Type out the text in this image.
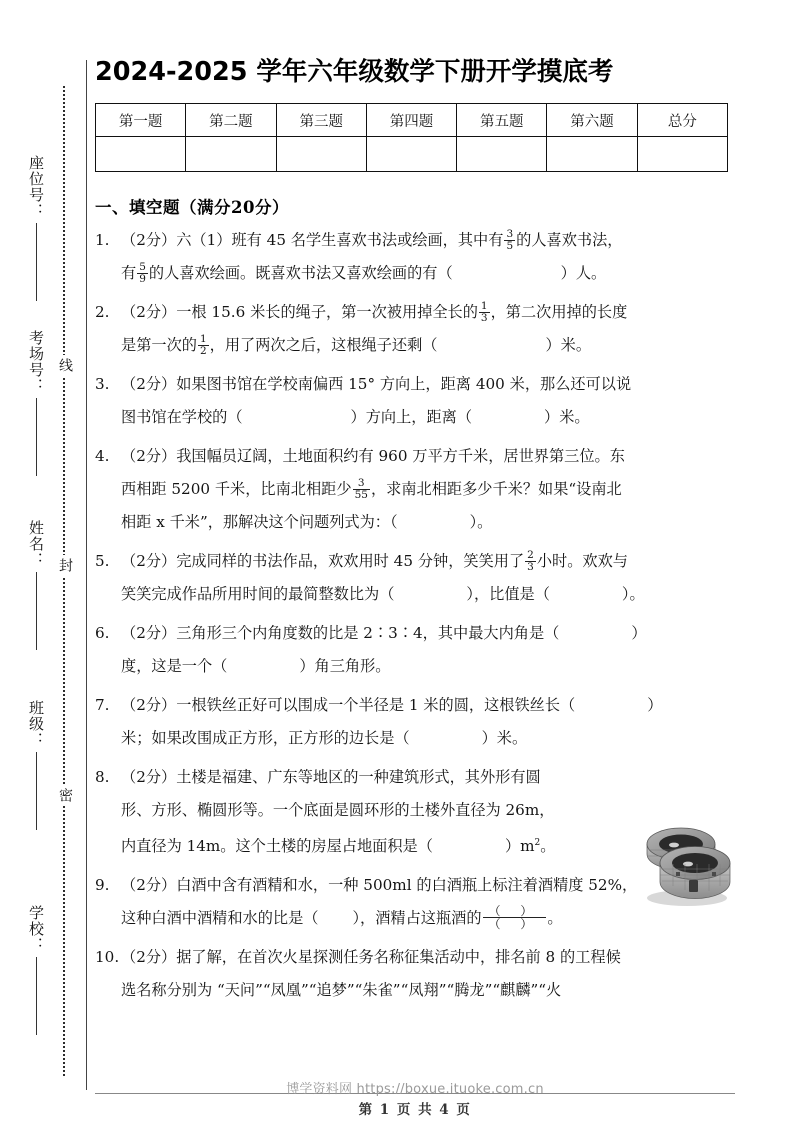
座位号：
考场号：
姓名：
班级：
学校：
线
封
密
2024-2025 学年六年级数学下册开学摸底考
第一题	第二题	第三题	第四题	第五题	第六题	总分

一、填空题（满分20分）
1. （2分）六（1）班有 45 名学生喜欢书法或绘画，其中有 $\frac{3}{5}$ 的人喜欢书法，
有 $\frac{5}{9}$ 的人喜欢绘画。既喜欢书法又喜欢绘画的有（	）人。
2. （2分）一根 15.6 米长的绳子，第一次被用掉全长的 $\frac{1}{3}$ ，第二次用掉的长度
是第一次的 $\frac{1}{2}$ ，用了两次之后，这根绳子还剩（	）米。
3. （2分）如果图书馆在学校南偏西 15° 方向上，距离 400 米，那么还可以说
图书馆在学校的（	）方向上，距离（	）米。
4. （2分）我国幅员辽阔，土地面积约有 960 万平方千米，居世界第三位。东
西相距 5200 千米，比南北相距少 $\frac{3}{55}$ ，求南北相距多少千米？如果“设南北
相距 x 千米”，那解决这个问题列式为：（	）。
5. （2分）完成同样的书法作品，欢欢用时 45 分钟，笑笑用了 $\frac{2}{3}$ 小时。欢欢与
笑笑完成作品所用时间的最简整数比为（	），比值是（	）。
6. （2分）三角形三个内角度数的比是 2∶3∶4，其中最大内角是（	）
度，这是一个（	）角三角形。
7. （2分）一根铁丝正好可以围成一个半径是 1 米的圆，这根铁丝长（	）
米；如果改围成正方形，正方形的边长是（	）米。
8. （2分）土楼是福建、广东等地区的一种建筑形式，其外形有圆
形、方形、椭圆形等。一个底面是圆环形的土楼外直径为 26m，
内直径为 14m。这个土楼的房屋占地面积是（	）$m^2$。
9. （2分）白酒中含有酒精和水，一种 500ml 的白酒瓶上标注着酒精度 52%，
这种白酒中酒精和水的比是（ ），酒精占这瓶酒的 $\frac{( )}{( )}$ 。
10. （2分）据了解，在首次火星探测任务名称征集活动中，排名前 8 的工程候
选名称分别为 “天问”“凤凰”“追梦”“朱雀”“凤翔”“腾龙”“麒麟”“火
博学资料网 https://boxue.ituoke.com.cn
第 1 页 共 4 页
